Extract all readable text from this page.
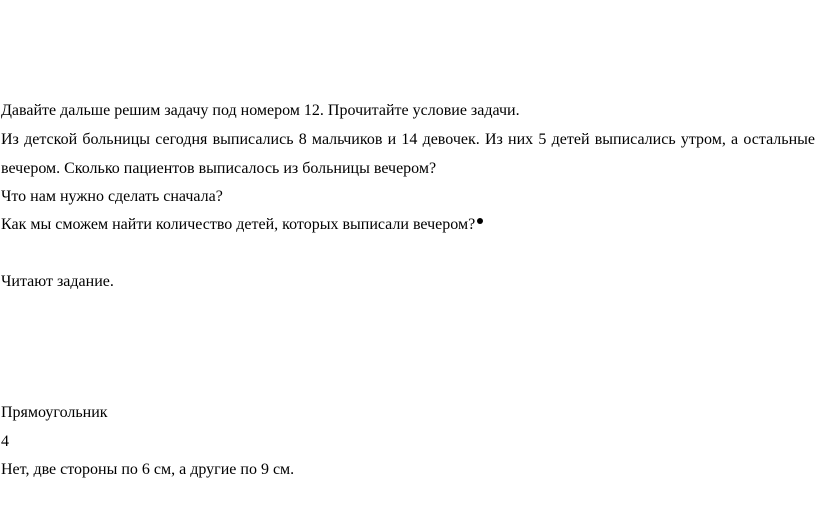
Давайте дальше решим задачу под номером 12. Прочитайте условие задачи.
Из детской больницы сегодня выписались 8 мальчиков и 14 девочек. Из них 5 детей выписались утром, а остальные
вечером. Сколько пациентов выписалось из больницы вечером?
Что нам нужно сделать сначала?
Как мы сможем найти количество детей, которых выписали вечером?
Читают задание.
Прямоугольник
4
Нет, две стороны по 6 см, а другие по 9 см.
